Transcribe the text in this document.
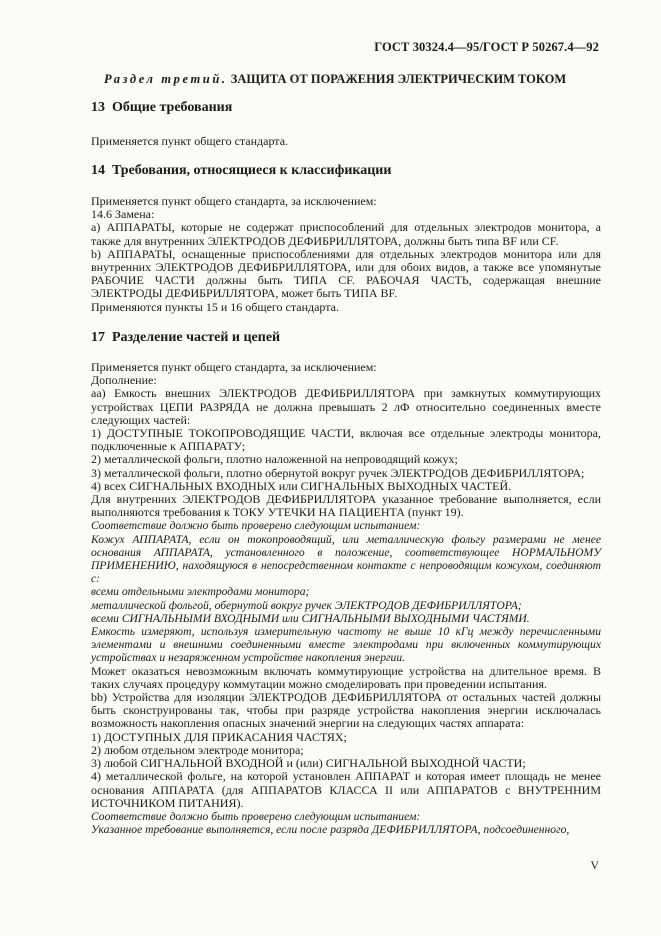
ГОСТ 30324.4—95/ГОСТ Р 50267.4—92
Раздел третий. ЗАЩИТА ОТ ПОРАЖЕНИЯ ЭЛЕКТРИЧЕСКИМ ТОКОМ
13 Общие требования

Применяется пункт общего стандарта.

14 Требования, относящиеся к классификации

Применяется пункт общего стандарта, за исключением:

14.6 Замена:

a) АППАРАТЫ, которые не содержат приспособлений для отдельных электродов монитора, а также для внутренних ЭЛЕКТРОДОВ ДЕФИБРИЛЛЯТОРА, должны быть типа BF или CF.

b) АППАРАТЫ, оснащенные приспособлениями для отдельных электродов монитора или для внутренних ЭЛЕКТРОДОВ ДЕФИБРИЛЛЯТОРА, или для обоих видов, а также все упомянутые РАБОЧИЕ ЧАСТИ должны быть ТИПА CF. РАБОЧАЯ ЧАСТЬ, содержащая внешние ЭЛЕКТРОДЫ ДЕФИБРИЛЛЯТОРА, может быть ТИПА BF.

Применяются пункты 15 и 16 общего стандарта.

17 Разделение частей и цепей

Применяется пункт общего стандарта, за исключением:

Дополнение:

аа) Емкость внешних ЭЛЕКТРОДОВ ДЕФИБРИЛЛЯТОРА при замкнутых коммутирующих устройствах ЦЕПИ РАЗРЯДА не должна превышать 2 лФ относительно соединенных вместе следующих частей:

1) ДОСТУПНЫЕ ТОКОПРОВОДЯЩИЕ ЧАСТИ, включая все отдельные электроды монитора, подключенные к АППАРАТУ;

2) металлической фольги, плотно наложенной на непроводящий кожух;

3) металлической фольги, плотно обернутой вокруг ручек ЭЛЕКТРОДОВ ДЕФИБРИЛЛЯТОРА;

4) всех СИГНАЛЬНЫХ ВХОДНЫХ или СИГНАЛЬНЫХ ВЫХОДНЫХ ЧАСТЕЙ.

Для внутренних ЭЛЕКТРОДОВ ДЕФИБРИЛЛЯТОРА указанное требование выполняется, если выполняются требования к ТОКУ УТЕЧКИ НА ПАЦИЕНТА (пункт 19).

Соответствие должно быть проверено следующим испытанием:

Кожух АППАРАТА, если он токопроводящий, или металлическую фольгу размерами не менее основания АППАРАТА, установленного в положение, соответствующее НОРМАЛЬНОМУ ПРИМЕНЕНИЮ, находящуюся в непосредственном контакте с непроводящим кожухом, соединяют с:

всеми отдельными электродами монитора;

металлической фольгой, обернутой вокруг ручек ЭЛЕКТРОДОВ ДЕФИБРИЛЛЯТОРА;

всеми СИГНАЛЬНЫМИ ВХОДНЫМИ или СИГНАЛЬНЫМИ ВЫХОДНЫМИ ЧАСТЯМИ.

Емкость измеряют, используя измерительную частоту не выше 10 кГц между перечисленными элементами и внешними соединенными вместе электродами при включенных коммутирующих устройствах и незаряженном устройстве накопления энергии.

Может оказаться невозможным включать коммутирующие устройства на длительное время. В таких случаях процедуру коммутации можно смоделировать при проведении испытания.

bb) Устройства для изоляции ЭЛЕКТРОДОВ ДЕФИБРИЛЛЯТОРА от остальных частей должны быть сконструированы так, чтобы при разряде устройства накопления энергии исключалась возможность накопления опасных значений энергии на следующих частях аппарата:

1) ДОСТУПНЫХ ДЛЯ ПРИКАСАНИЯ ЧАСТЯХ;

2) любом отдельном электроде монитора;

3) любой СИГНАЛЬНОЙ ВХОДНОЙ и (или) СИГНАЛЬНОЙ ВЫХОДНОЙ ЧАСТИ;

4) металлической фольге, на которой установлен АППАРАТ и которая имеет площадь не менее основания АППАРАТА (для АППАРАТОВ КЛАССА II или АППАРАТОВ с ВНУТРЕННИМ ИСТОЧНИКОМ ПИТАНИЯ).

Соответствие должно быть проверено следующим испытанием:

Указанное требование выполняется, если после разряда ДЕФИБРИЛЛЯТОРА, подсоединенного,

V
